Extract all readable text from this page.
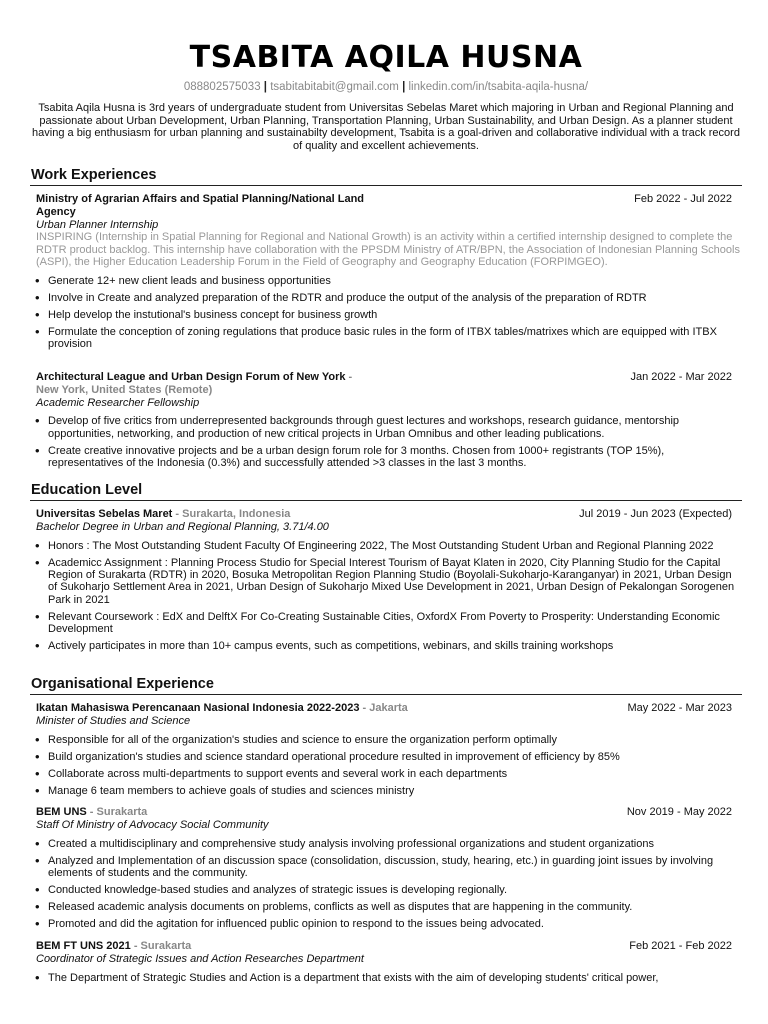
TSABITA AQILA HUSNA
088802575033 | tsabitabitabit@gmail.com | linkedin.com/in/tsabita-aqila-husna/
Tsabita Aqila Husna is 3rd years of undergraduate student from Universitas Sebelas Maret which majoring in Urban and Regional Planning and passionate about Urban Development, Urban Planning, Transportation Planning, Urban Sustainability, and Urban Design. As a planner student having a big enthusiasm for urban planning and sustainabilty development, Tsabita is a goal-driven and collaborative individual with a track record of quality and excellent achievements.
Work Experiences
Ministry of Agrarian Affairs and Spatial Planning/National Land Agency
Feb 2022 - Jul 2022
Urban Planner Internship
INSPIRING (Internship in Spatial Planning for Regional and National Growth) is an activity within a certified internship designed to complete the RDTR product backlog. This internship have collaboration with the PPSDM Ministry of ATR/BPN, the Association of Indonesian Planning Schools (ASPI), the Higher Education Leadership Forum in the Field of Geography and Geography Education (FORPIMGEO).
• Generate 12+ new client leads and business opportunities
• Involve in Create and analyzed preparation of the RDTR and produce the output of the analysis of the preparation of RDTR
• Help develop the instutional's business concept for business growth
• Formulate the conception of zoning regulations that produce basic rules in the form of ITBX tables/matrixes which are equipped with ITBX provision
Architectural League and Urban Design Forum of New York -	Jan 2022 - Mar 2022
New York, United States (Remote)
Academic Researcher Fellowship
• Develop of five critics from underrepresented backgrounds through guest lectures and workshops, research guidance, mentorship opportunities, networking, and production of new critical projects in Urban Omnibus and other leading publications.
• Create creative innovative projects and be a urban design forum role for 3 months. Chosen from 1000+ registrants (TOP 15%), representatives of the Indonesia (0.3%) and successfully attended >3 classes in the last 3 months.
Education Level
Universitas Sebelas Maret - Surakarta, Indonesia	Jul 2019 - Jun 2023 (Expected)
Bachelor Degree in Urban and Regional Planning, 3.71/4.00
• Honors : The Most Outstanding Student Faculty Of Engineering 2022, The Most Outstanding Student Urban and Regional Planning 2022
• Academicc Assignment : Planning Process Studio for Special Interest Tourism of Bayat Klaten in 2020, City Planning Studio for the Capital Region of Surakarta (RDTR) in 2020, Bosuka Metropolitan Region Planning Studio (Boyolali-Sukoharjo-Karanganyar) in 2021, Urban Design of Sukoharjo Settlement Area in 2021, Urban Design of Sukoharjo Mixed Use Development in 2021, Urban Design of Pekalongan Sorogenen Park in 2021
• Relevant Coursework : EdX and DelftX For Co-Creating Sustainable Cities, OxfordX From Poverty to Prosperity: Understanding Economic Development
• Actively participates in more than 10+ campus events, such as competitions, webinars, and skills training workshops
Organisational Experience
Ikatan Mahasiswa Perencanaan Nasional Indonesia 2022-2023 - Jakarta	May 2022 - Mar 2023
Minister of Studies and Science
• Responsible for all of the organization's studies and science to ensure the organization perform optimally
• Build organization's studies and science standard operational procedure resulted in improvement of efficiency by 85%
• Collaborate across multi-departments to support events and several work in each departments
• Manage 6 team members to achieve goals of studies and sciences ministry
BEM UNS - Surakarta	Nov 2019 - May 2022
Staff Of Ministry of Advocacy Social Community
• Created a multidisciplinary and comprehensive study analysis involving professional organizations and student organizations
• Analyzed and Implementation of an discussion space (consolidation, discussion, study, hearing, etc.) in guarding joint issues by involving elements of students and the community.
• Conducted knowledge-based studies and analyzes of strategic issues is developing regionally.
• Released academic analysis documents on problems, conflicts as well as disputes that are happening in the community.
• Promoted and did the agitation for influenced public opinion to respond to the issues being advocated.
BEM FT UNS 2021 - Surakarta	Feb 2021 - Feb 2022
Coordinator of Strategic Issues and Action Researches Department
• The Department of Strategic Studies and Action is a department that exists with the aim of developing students' critical power,
